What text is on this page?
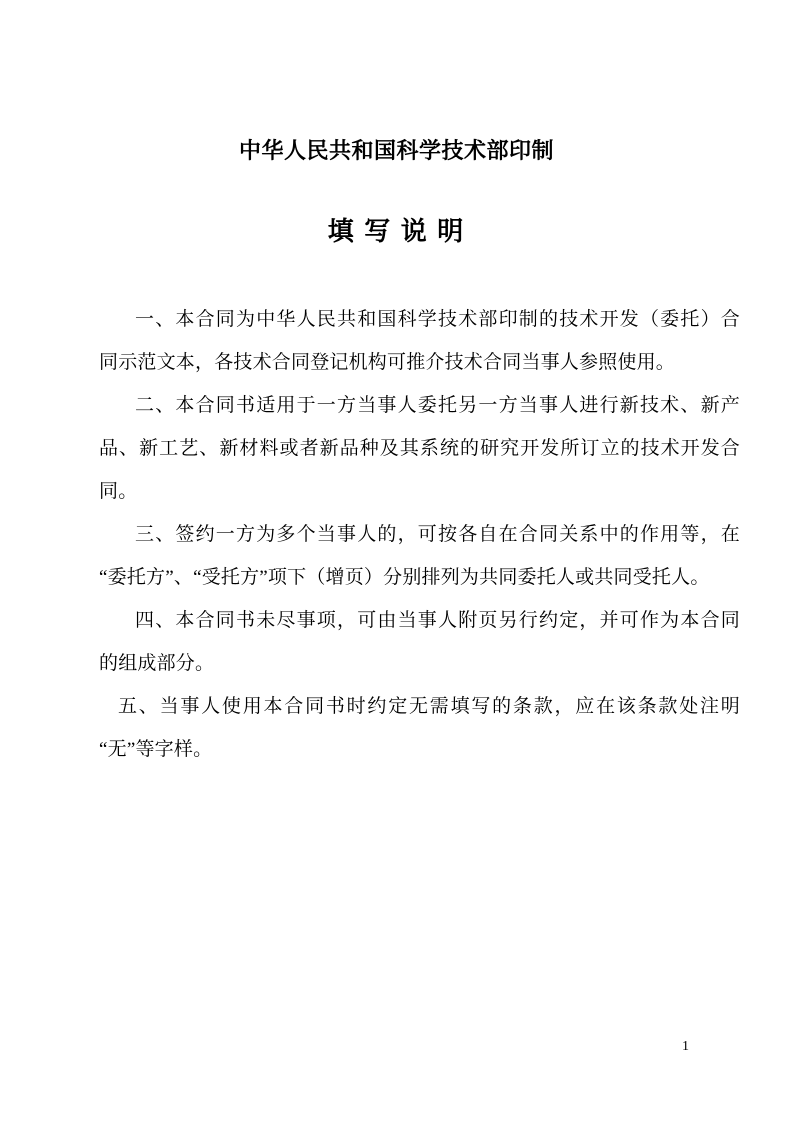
中华人民共和国科学技术部印制
填 写 说 明
一、本合同为中华人民共和国科学技术部印制的技术开发（委托）合
同示范文本，各技术合同登记机构可推介技术合同当事人参照使用。
二、本合同书适用于一方当事人委托另一方当事人进行新技术、新产
品、新工艺、新材料或者新品种及其系统的研究开发所订立的技术开发合
同。
三、签约一方为多个当事人的，可按各自在合同关系中的作用等，在
“委托方”、“受托方”项下（增页）分别排列为共同委托人或共同受托人。
四、本合同书未尽事项，可由当事人附页另行约定，并可作为本合同
的组成部分。
五、当事人使用本合同书时约定无需填写的条款，应在该条款处注明
“无”等字样。
1
